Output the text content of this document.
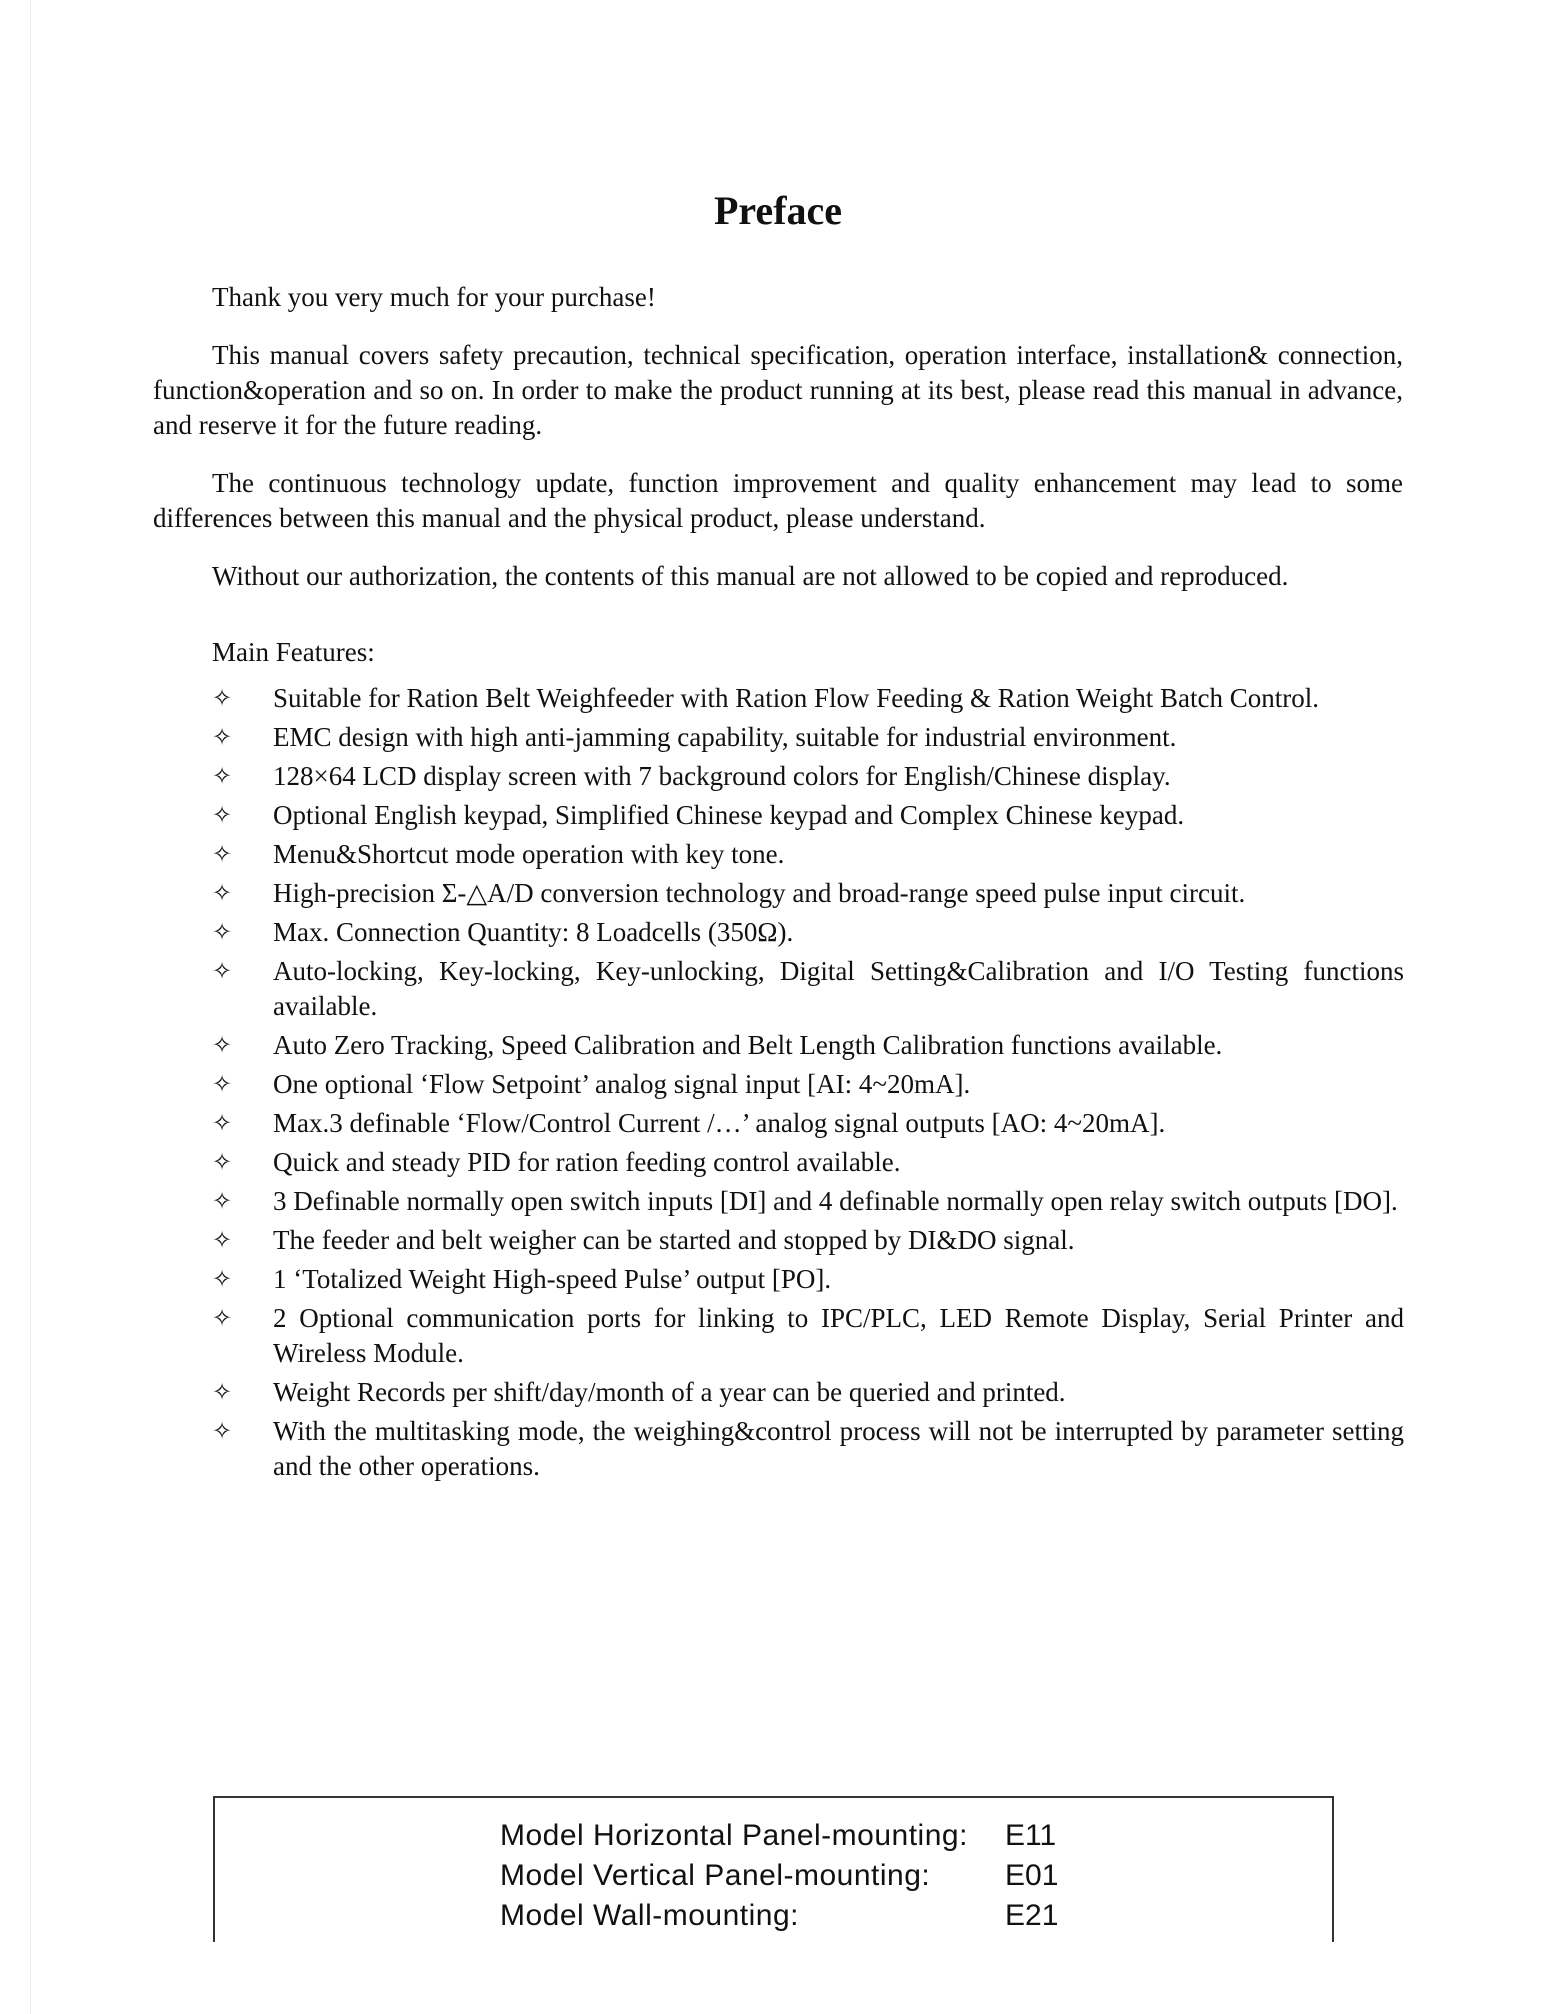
Preface

Thank you very much for your purchase!

This manual covers safety precaution, technical specification, operation interface, installation& connection, function&operation and so on. In order to make the product running at its best, please read this manual in advance, and reserve it for the future reading.

The continuous technology update, function improvement and quality enhancement may lead to some differences between this manual and the physical product, please understand.

Without our authorization, the contents of this manual are not allowed to be copied and reproduced.

Main Features:
✧	Suitable for Ration Belt Weighfeeder with Ration Flow Feeding & Ration Weight Batch Control.
✧	EMC design with high anti-jamming capability, suitable for industrial environment.
✧	128×64 LCD display screen with 7 background colors for English/Chinese display.
✧	Optional English keypad, Simplified Chinese keypad and Complex Chinese keypad.
✧	Menu&Shortcut mode operation with key tone.
✧	High-precision Σ-△A/D conversion technology and broad-range speed pulse input circuit.
✧	Max. Connection Quantity: 8 Loadcells (350Ω).
✧	Auto-locking, Key-locking, Key-unlocking, Digital Setting&Calibration and I/O Testing functions available.
✧	Auto Zero Tracking, Speed Calibration and Belt Length Calibration functions available.
✧	One optional ‘Flow Setpoint’ analog signal input [AI: 4~20mA].
✧	Max.3 definable ‘Flow/Control Current /…’ analog signal outputs [AO: 4~20mA].
✧	Quick and steady PID for ration feeding control available.
✧	3 Definable normally open switch inputs [DI] and 4 definable normally open relay switch outputs [DO].
✧	The feeder and belt weigher can be started and stopped by DI&DO signal.
✧	1 ‘Totalized Weight High-speed Pulse’ output [PO].
✧	2 Optional communication ports for linking to IPC/PLC, LED Remote Display, Serial Printer and Wireless Module.
✧	Weight Records per shift/day/month of a year can be queried and printed.
✧	With the multitasking mode, the weighing&control process will not be interrupted by parameter setting and the other operations.
Model Horizontal Panel-mounting: E11
Model Vertical Panel-mounting: E01
Model Wall-mounting:	E21
